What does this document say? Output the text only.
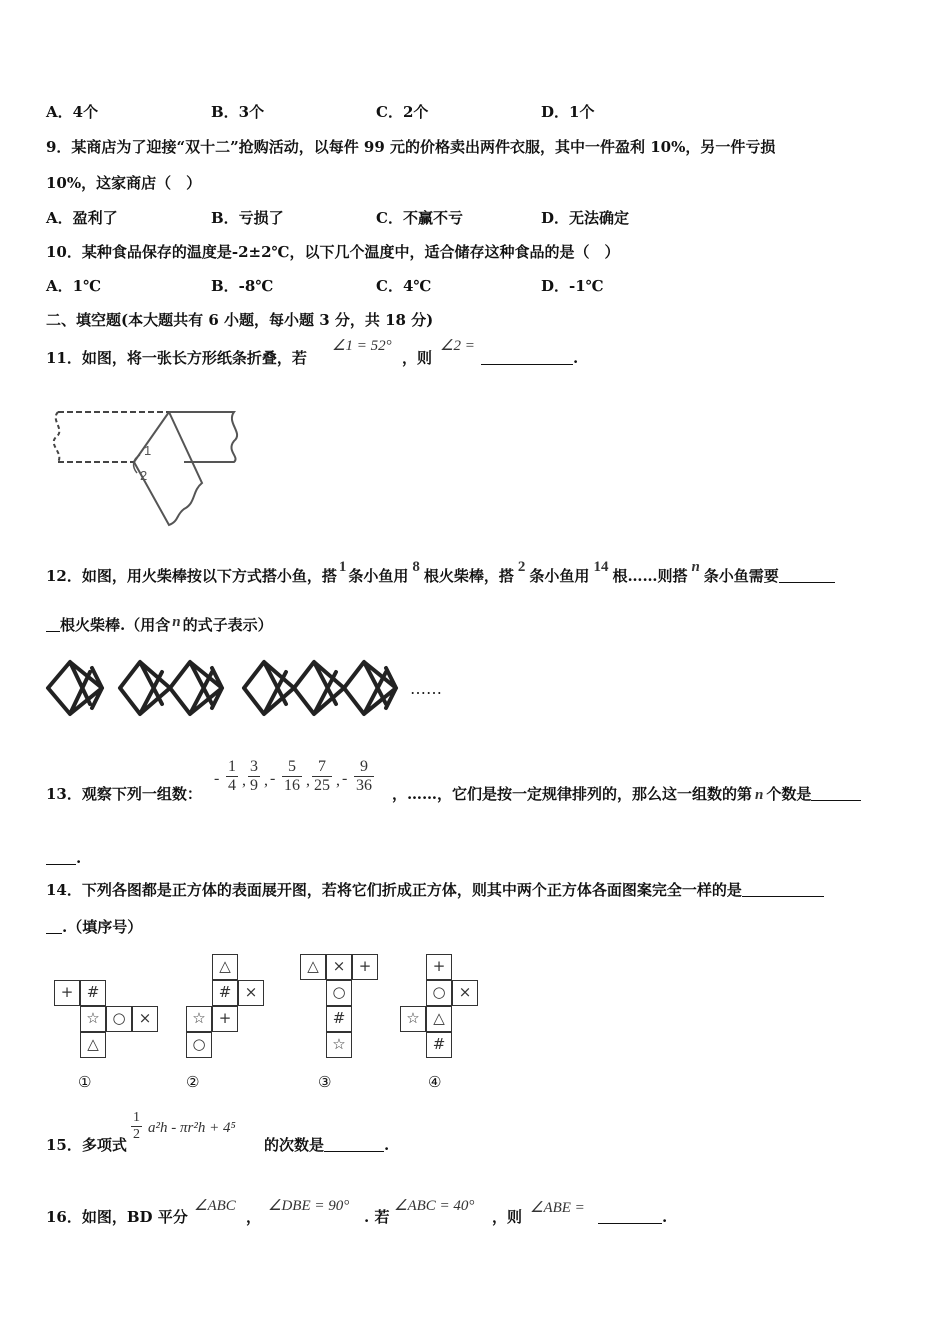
A．4个	B．3个	C．2个	D．1个
9．某商店为了迎接“双十二”抢购活动，以每件 99 元的价格卖出两件衣服，其中一件盈利 10%，另一件亏损
10%，这家商店（　）
A．盈利了	B．亏损了	C．不赢不亏	D．无法确定
10．某种食品保存的温度是-2±2℃，以下几个温度中，适合储存这种食品的是（　）
A．1℃	B．-8℃	C．4℃	D．-1℃
二、填空题(本大题共有 6 小题，每小题 3 分，共 18 分)
11．如图，将一张长方形纸条折叠，若
∠1 = 52°
，则
∠2 =
.
1
2
12．如图，用火柴棒按以下方式搭小鱼，搭 1 条小鱼用 8 根火柴棒，搭 2 条小鱼用 14 根……则搭 n 条小鱼需要
根火柴棒.（用含 n 的式子表示）
……
13．观察下列一组数：
- $\frac{1}{4}$ , $\frac{3}{9}$ , - $\frac{5}{16}$ , $\frac{7}{25}$ , - $\frac{9}{36}$ ，……，它们是按一定规律排列的，那么这一组数的第 n 个数是
.
14．下列各图都是正方体的表面展开图，若将它们折成正方体，则其中两个正方体各面图案完全一样的是
.（填序号）
+ #
☆ ○ ×
△
①
△
# ×
☆ +
○
②
△ × +
○
#
☆
③
+
○ ×
☆ △
#
④
15．多项式
$\frac{1}{2} a^2h - \pi r^2h + 4^5$
的次数是	.
16．如图，BD 平分
∠ABC
，
∠DBE = 90°
. 若
∠ABC = 40°
，则 ∠ABE =	.
